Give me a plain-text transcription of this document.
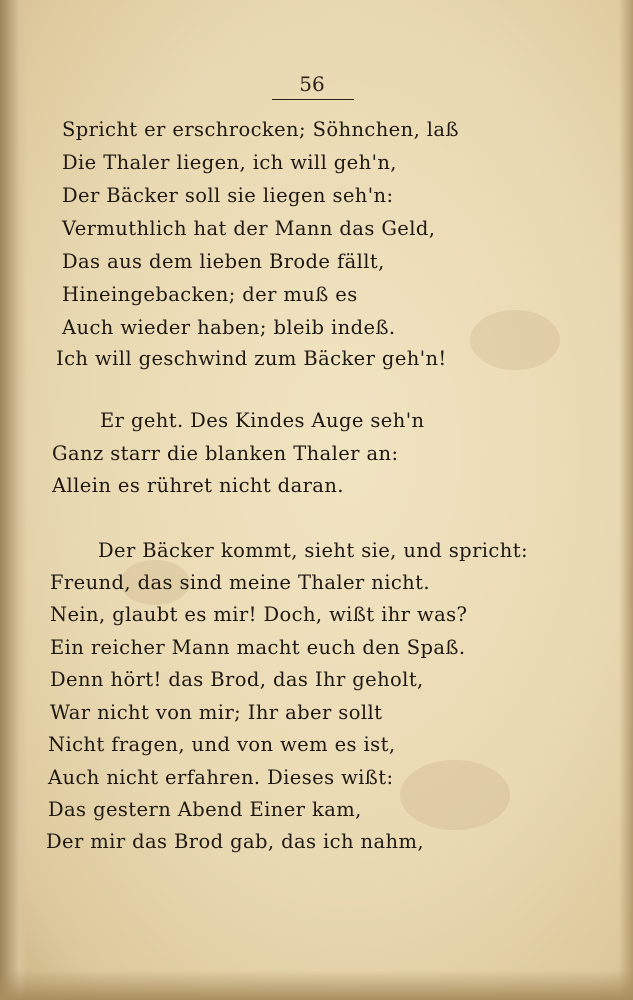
56

Spricht er erschrocken; Söhnchen, laß

Die Thaler liegen, ich will geh'n,

Der Bäcker soll sie liegen seh'n:

Vermuthlich hat der Mann das Geld,

Das aus dem lieben Brode fällt,

Hineingebacken; der muß es

Auch wieder haben; bleib indeß.

Ich will geschwind zum Bäcker geh'n!

Er geht. Des Kindes Auge seh'n

Ganz starr die blanken Thaler an:

Allein es rühret nicht daran.

Der Bäcker kommt, sieht sie, und spricht:

Freund, das sind meine Thaler nicht.

Nein, glaubt es mir! Doch, wißt ihr was?

Ein reicher Mann macht euch den Spaß.

Denn hört! das Brod, das Ihr geholt,

War nicht von mir; Ihr aber sollt

Nicht fragen, und von wem es ist,

Auch nicht erfahren. Dieses wißt:

Das gestern Abend Einer kam,

Der mir das Brod gab, das ich nahm,
